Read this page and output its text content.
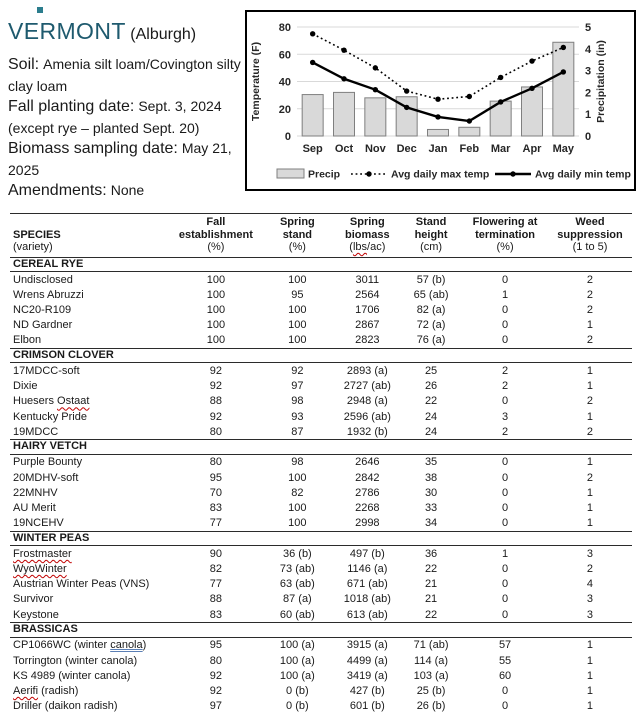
VERMONT (Alburgh)

Soil: Amenia silt loam/Covington silty clay loam

Fall planting date: Sept. 3, 2024 (except rye – planted Sept. 20)

Biomass sampling date: May 21, 2025

Amendments: None

0
20
40
60
80
0
1
2
3
4
5
Sep Oct Nov Dec Jan Feb Mar Apr May
Temperature (F)	Precipitation (in)
Precip	Avg daily max temp	Avg daily min temp

SPECIES
(variety)

Fall
establishment
(%)

Spring
stand
(%)

Spring
biomass
(lbs/ac)

Stand
height
(cm)

Flowering at
termination
(%)

Weed
suppression
(1 to 5)

CEREAL RYE						
Undisclosed	100	100	3011	57 (b)	0	2
Wrens Abruzzi	100	95	2564	65 (ab)	1	2
NC20-R109	100	100	1706	82 (a)	0	2
ND Gardner	100	100	2867	72 (a)	0	1
Elbon	100	100	2823	76 (a)	0	2
CRIMSON CLOVER						
17MDCC-soft	92	92	2893 (a)	25	2	1
Dixie	92	97	2727 (ab)	26	2	1
Huesers Ostaat	88	98	2948 (a)	22	0	2
Kentucky Pride	92	93	2596 (ab)	24	3	1
19MDCC	80	87	1932 (b)	24	2	2
HAIRY VETCH						
Purple Bounty	80	98	2646	35	0	1
20MDHV-soft	95	100	2842	38	0	2
22MNHV	70	82	2786	30	0	1
AU Merit	83	100	2268	33	0	1
19NCEHV	77	100	2998	34	0	1
WINTER PEAS						
Frostmaster	90	36 (b)	497 (b)	36	1	3
WyoWinter	82	73 (ab)	1146 (a)	22	0	2
Austrian Winter Peas (VNS)	77	63 (ab)	671 (ab)	21	0	4
Survivor	88	87 (a)	1018 (ab)	21	0	3
Keystone	83	60 (ab)	613 (ab)	22	0	3
BRASSICAS						
CP1066WC (winter canola)	95	100 (a)	3915 (a)	71 (ab)	57	1
Torrington (winter canola)	80	100 (a)	4499 (a)	114 (a)	55	1
KS 4989 (winter canola)	92	100 (a)	3419 (a)	103 (a)	60	1
Aerifi (radish)	92	0 (b)	427 (b)	25 (b)	0	1
Driller (daikon radish)	97	0 (b)	601 (b)	26 (b)	0	1
